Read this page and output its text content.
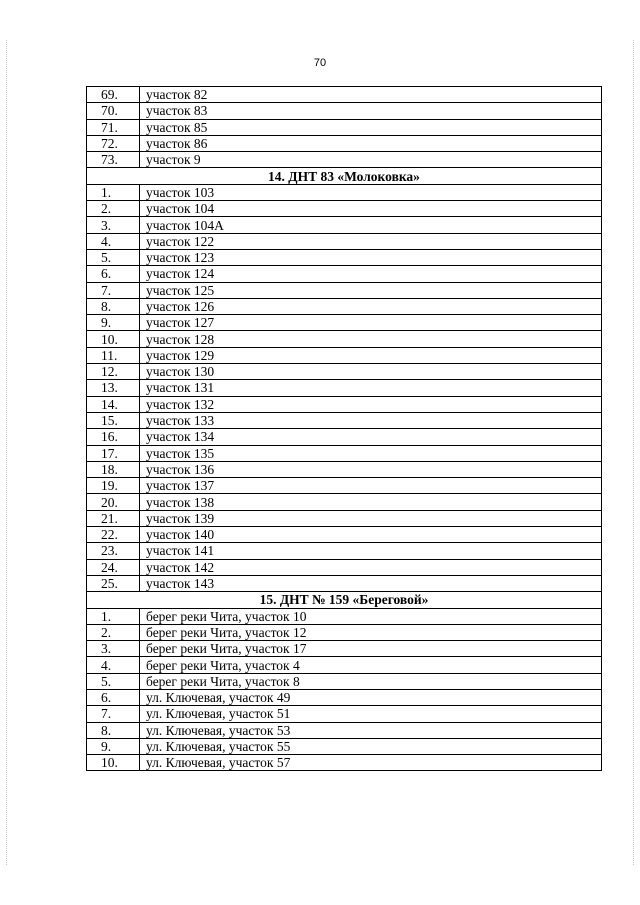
70
69.	участок 82
70.	участок 83
71.	участок 85
72.	участок 86
73.	участок 9
14. ДНТ 83 «Молоковка»	
1.	участок 103
2.	участок 104
3.	участок 104А
4.	участок 122
5.	участок 123
6.	участок 124
7.	участок 125
8.	участок 126
9.	участок 127
10.	участок 128
11.	участок 129
12.	участок 130
13.	участок 131
14.	участок 132
15.	участок 133
16.	участок 134
17.	участок 135
18.	участок 136
19.	участок 137
20.	участок 138
21.	участок 139
22.	участок 140
23.	участок 141
24.	участок 142
25.	участок 143
15. ДНТ № 159 «Береговой»	
1.	берег реки Чита, участок 10
2.	берег реки Чита, участок 12
3.	берег реки Чита, участок 17
4.	берег реки Чита, участок 4
5.	берег реки Чита, участок 8
6.	ул. Ключевая, участок 49
7.	ул. Ключевая, участок 51
8.	ул. Ключевая, участок 53
9.	ул. Ключевая, участок 55
10.	ул. Ключевая, участок 57
